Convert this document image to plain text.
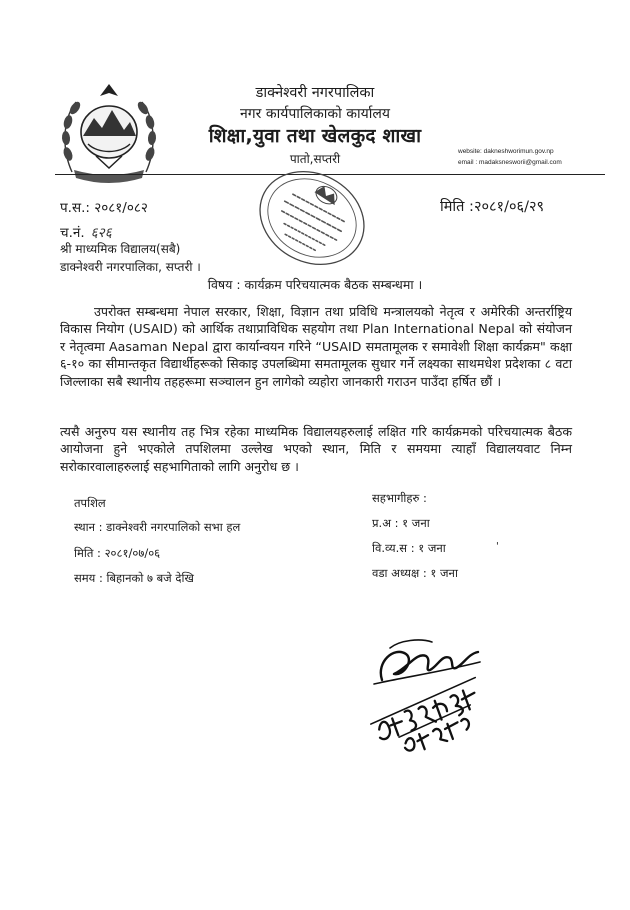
डाक्नेश्वरी नगरपालिका
नगर कार्यपालिकाको कार्यालय
शिक्षा,युवा तथा खेलकुद शाखा
पातो,सप्तरी
website: dakneshworimun.gov.np
email : madaksnesworii@gmail.com
प.स.: २०८१/०८२
च.नं. ६२६
मिति :२०८१/०६/२९
श्री माध्यमिक विद्यालय(सबै)
डाक्नेश्वरी नगरपालिका, सप्तरी ।
विषय : कार्यक्रम परिचयात्मक बैठक सम्बन्धमा ।

उपरोक्त सम्बन्धमा नेपाल सरकार, शिक्षा, विज्ञान तथा प्रविधि मन्त्रालयको नेतृत्व र अमेरिकी अन्तर्राष्ट्रिय विकास नियोग (USAID) को आर्थिक तथाप्राविधिक सहयोग तथा Plan International Nepal को संयोजन र नेतृत्वमा Aasaman Nepal द्वारा कार्यान्वयन गरिने “USAID समतामूलक र समावेशी शिक्षा कार्यक्रम" कक्षा ६-१० का सीमान्तकृत विद्यार्थीहरूको सिकाइ उपलब्धिमा समतामूलक सुधार गर्ने लक्ष्यका साथमधेश प्रदेशका ८ वटा जिल्लाका सबै स्थानीय तहहरूमा सञ्चालन हुन लागेको व्यहोरा जानकारी गराउन पाउँदा हर्षित छौं ।

त्यसै अनुरुप यस स्थानीय तह भित्र रहेका माध्यमिक विद्यालयहरुलाई लक्षित गरि कार्यक्रमको परिचयात्मक बैठक आयोजना हुने भएकोले तपशिलमा उल्लेख भएको स्थान, मिति र समयमा त्याहाँ विद्यालयवाट निम्न सरोकारवालाहरुलाई सहभागिताको लागि अनुरोध छ ।

तपशिल
स्थान : डाक्नेश्वरी नगरपालिको सभा हल
मिति : २०८१/०७/०६
समय : बिहानको ७ बजे देखि
सहभागीहरु :
प्र.अ : १ जना
वि.व्य.स : १ जना
वडा अध्यक्ष : १ जना
'
